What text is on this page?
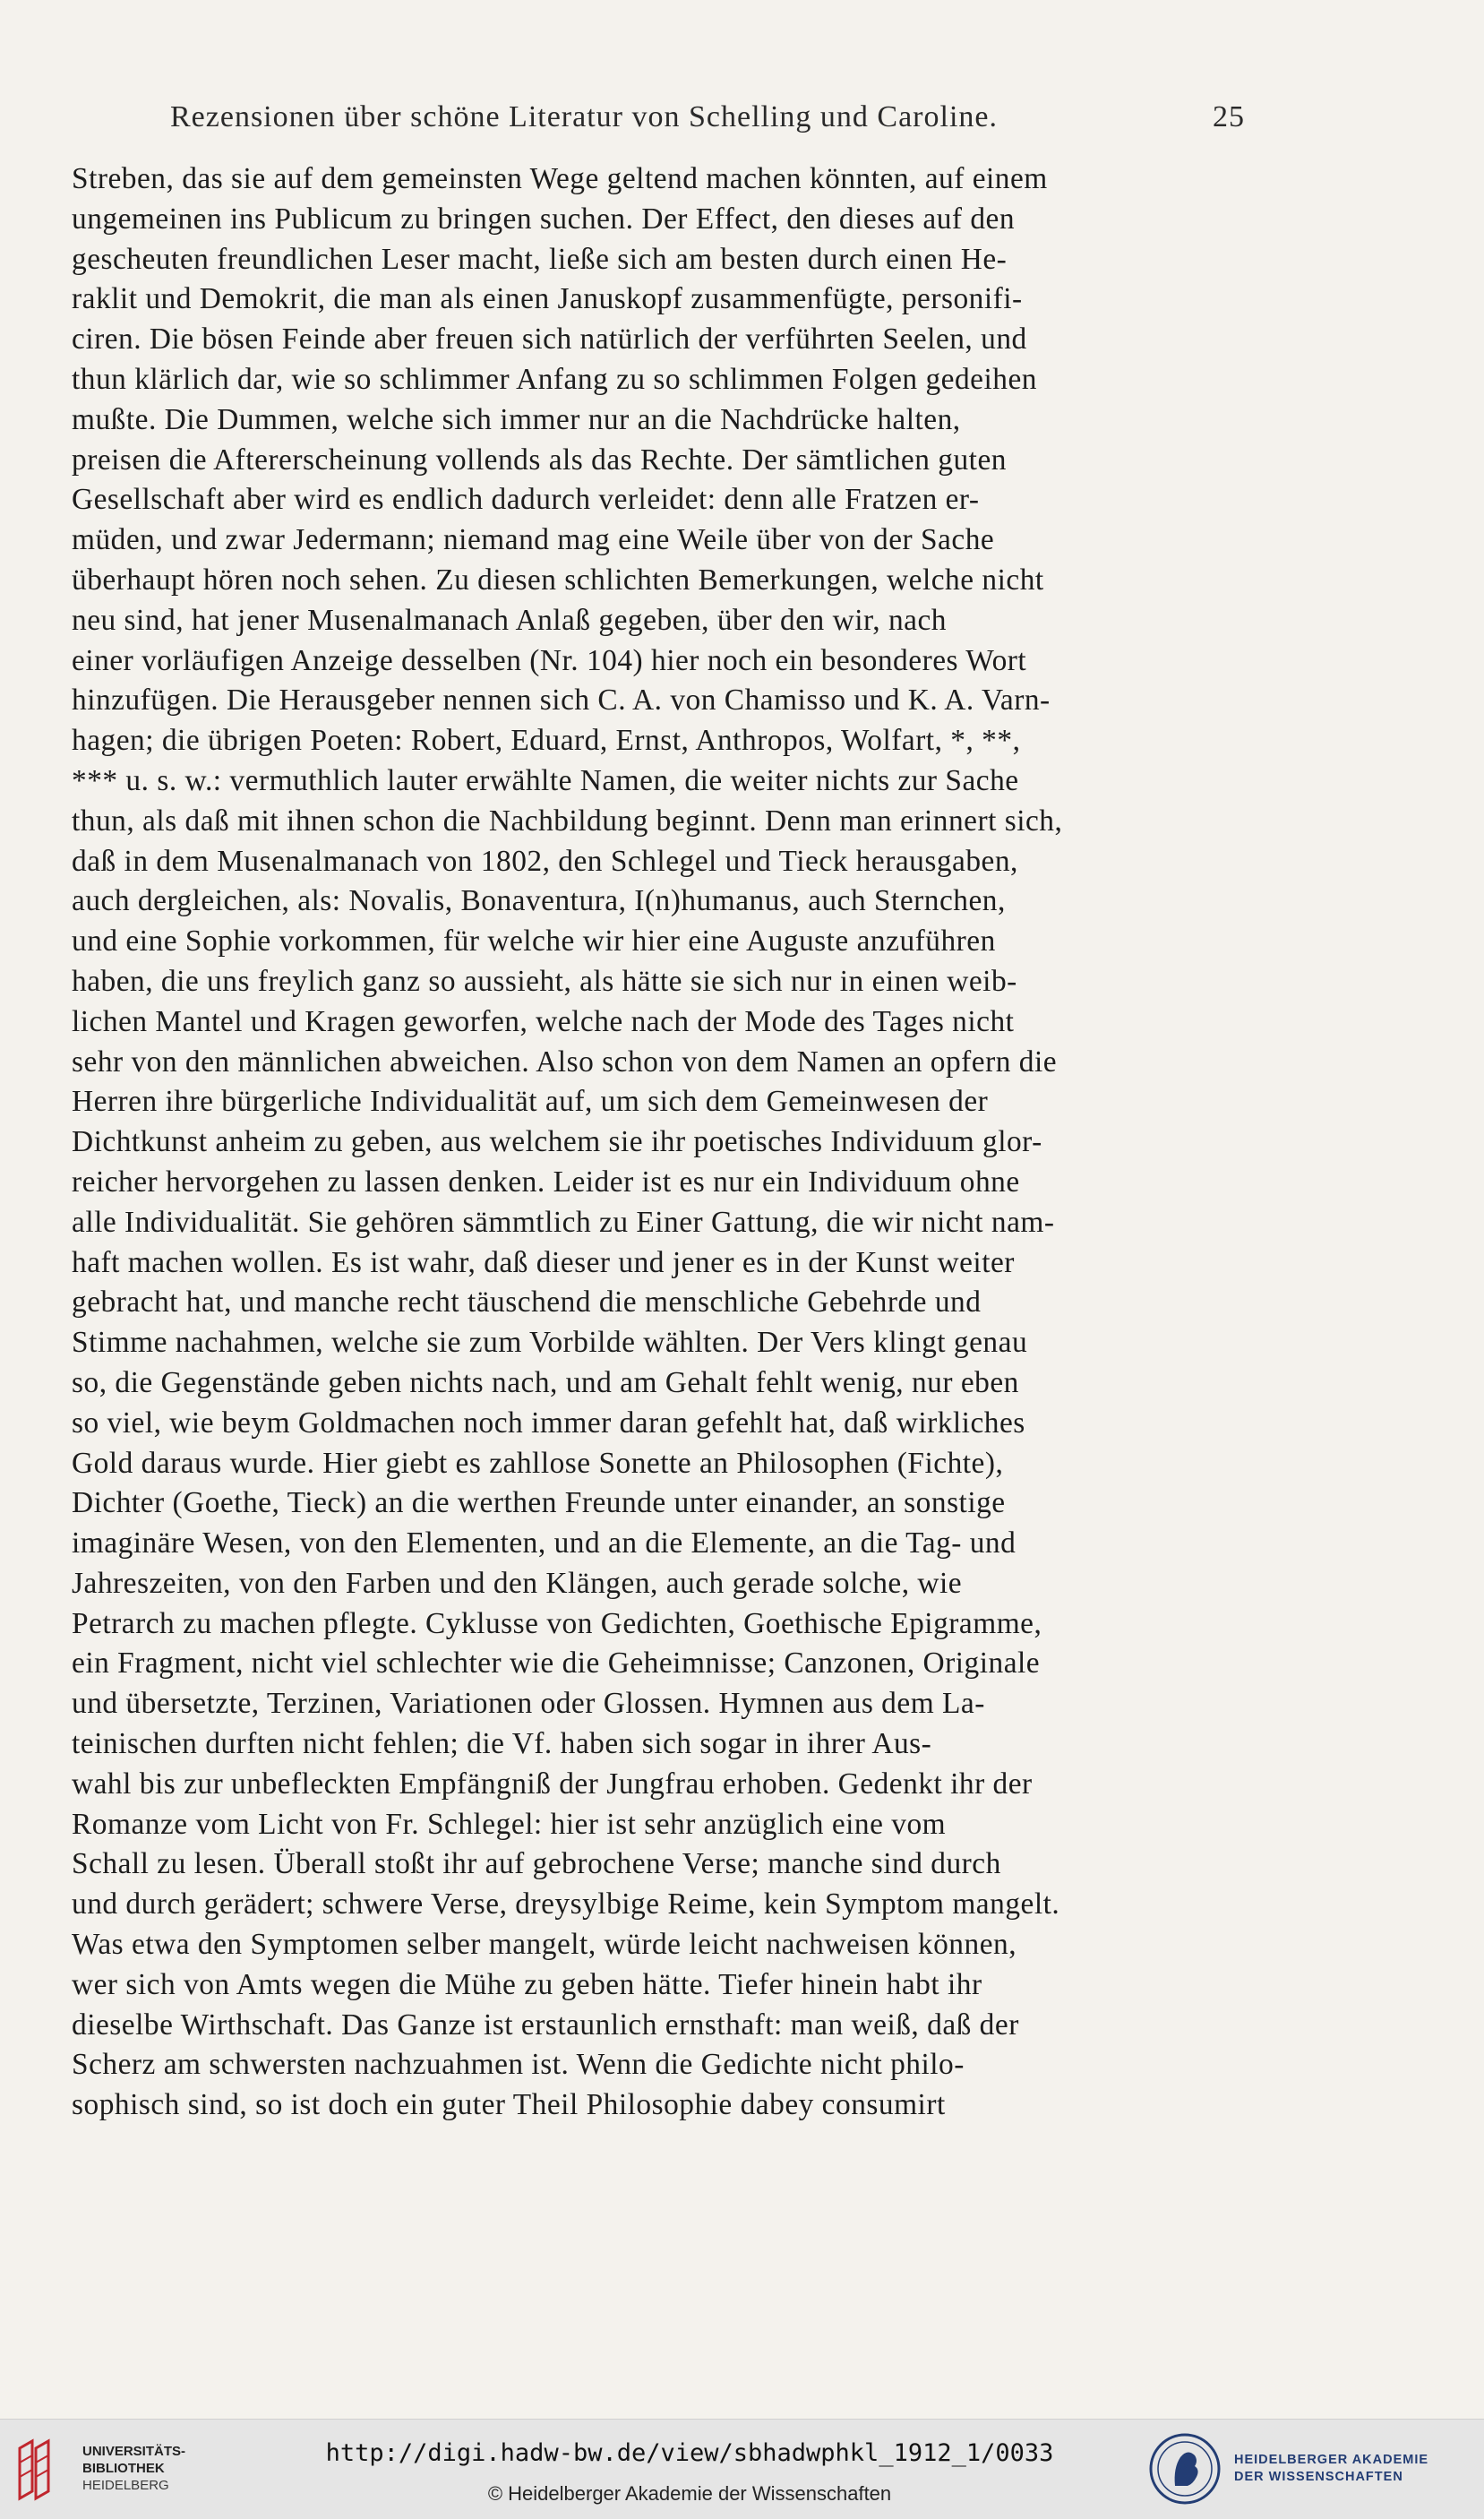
Rezensionen über schöne Literatur von Schelling und Caroline.	25
Streben, das sie auf dem gemeinsten Wege geltend machen könnten, auf einem
ungemeinen ins Publicum zu bringen suchen. Der Effect, den dieses auf den
gescheuten freundlichen Leser macht, ließe sich am besten durch einen He-
raklit und Demokrit, die man als einen Januskopf zusammenfügte, personifi-
ciren. Die bösen Feinde aber freuen sich natürlich der verführten Seelen, und
thun klärlich dar, wie so schlimmer Anfang zu so schlimmen Folgen gedeihen
mußte. Die Dummen, welche sich immer nur an die Nachdrücke halten,
preisen die Aftererscheinung vollends als das Rechte. Der sämtlichen guten
Gesellschaft aber wird es endlich dadurch verleidet: denn alle Fratzen er-
müden, und zwar Jedermann; niemand mag eine Weile über von der Sache
überhaupt hören noch sehen. Zu diesen schlichten Bemerkungen, welche nicht
neu sind, hat jener Musenalmanach Anlaß gegeben, über den wir, nach
einer vorläufigen Anzeige desselben (Nr. 104) hier noch ein besonderes Wort
hinzufügen. Die Herausgeber nennen sich C. A. von Chamisso und K. A. Varn-
hagen; die übrigen Poeten: Robert, Eduard, Ernst, Anthropos, Wolfart, *, **,
*** u. s. w.: vermuthlich lauter erwählte Namen, die weiter nichts zur Sache
thun, als daß mit ihnen schon die Nachbildung beginnt. Denn man erinnert sich,
daß in dem Musenalmanach von 1802, den Schlegel und Tieck herausgaben,
auch dergleichen, als: Novalis, Bonaventura, I(n)humanus, auch Sternchen,
und eine Sophie vorkommen, für welche wir hier eine Auguste anzuführen
haben, die uns freylich ganz so aussieht, als hätte sie sich nur in einen weib-
lichen Mantel und Kragen geworfen, welche nach der Mode des Tages nicht
sehr von den männlichen abweichen. Also schon von dem Namen an opfern die
Herren ihre bürgerliche Individualität auf, um sich dem Gemeinwesen der
Dichtkunst anheim zu geben, aus welchem sie ihr poetisches Individuum glor-
reicher hervorgehen zu lassen denken. Leider ist es nur ein Individuum ohne
alle Individualität. Sie gehören sämmtlich zu Einer Gattung, die wir nicht nam-
haft machen wollen. Es ist wahr, daß dieser und jener es in der Kunst weiter
gebracht hat, und manche recht täuschend die menschliche Gebehrde und
Stimme nachahmen, welche sie zum Vorbilde wählten. Der Vers klingt genau
so, die Gegenstände geben nichts nach, und am Gehalt fehlt wenig, nur eben
so viel, wie beym Goldmachen noch immer daran gefehlt hat, daß wirkliches
Gold daraus wurde. Hier giebt es zahllose Sonette an Philosophen (Fichte),
Dichter (Goethe, Tieck) an die werthen Freunde unter einander, an sonstige
imaginäre Wesen, von den Elementen, und an die Elemente, an die Tag- und
Jahreszeiten, von den Farben und den Klängen, auch gerade solche, wie
Petrarch zu machen pflegte. Cyklusse von Gedichten, Goethische Epigramme,
ein Fragment, nicht viel schlechter wie die Geheimnisse; Canzonen, Originale
und übersetzte, Terzinen, Variationen oder Glossen. Hymnen aus dem La-
teinischen durften nicht fehlen; die Vf. haben sich sogar in ihrer Aus-
wahl bis zur unbefleckten Empfängniß der Jungfrau erhoben. Gedenkt ihr der
Romanze vom Licht von Fr. Schlegel: hier ist sehr anzüglich eine vom
Schall zu lesen. Überall stoßt ihr auf gebrochene Verse; manche sind durch
und durch gerädert; schwere Verse, dreysylbige Reime, kein Symptom mangelt.
Was etwa den Symptomen selber mangelt, würde leicht nachweisen können,
wer sich von Amts wegen die Mühe zu geben hätte. Tiefer hinein habt ihr
dieselbe Wirthschaft. Das Ganze ist erstaunlich ernsthaft: man weiß, daß der
Scherz am schwersten nachzuahmen ist. Wenn die Gedichte nicht philo-
sophisch sind, so ist doch ein guter Theil Philosophie dabey consumirt
UNIVERSITÄTS-
BIBLIOTHEK
HEIDELBERG
http://digi.hadw-bw.de/view/sbhadwphkl_1912_1/0033
© Heidelberger Akademie der Wissenschaften
HEIDELBERGER AKADEMIE
DER WISSENSCHAFTEN
